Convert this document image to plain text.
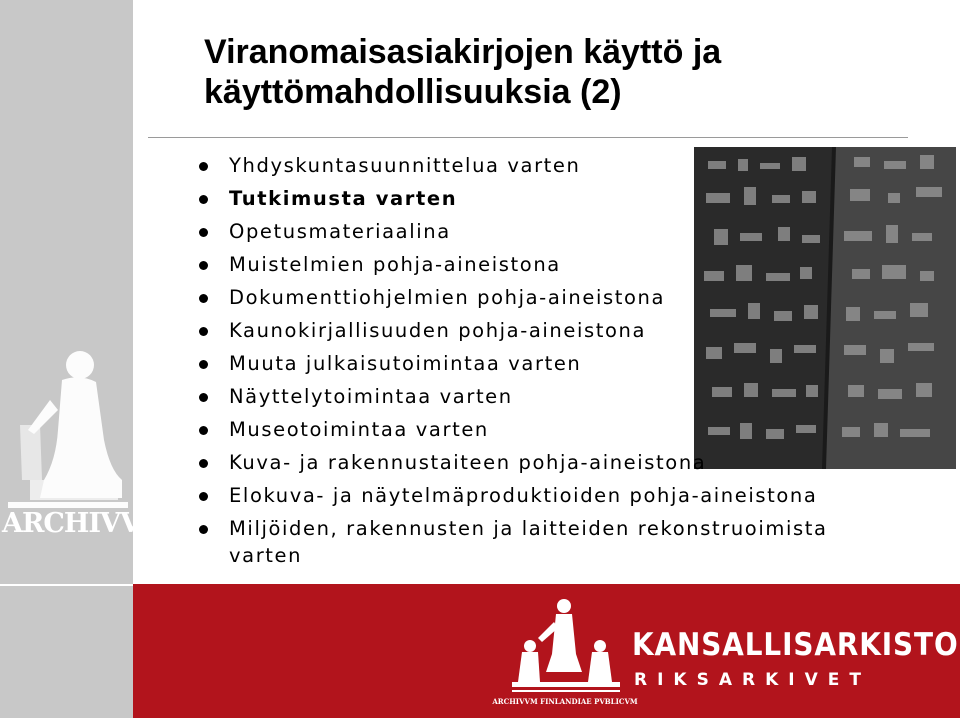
ARCHIVVM
Viranomaisasiakirjojen käyttö ja
käyttömahdollisuuksia (2)
Yhdyskuntasuunnittelua varten
Tutkimusta varten
Opetusmateriaalina
Muistelmien pohja-aineistona
Dokumenttiohjelmien pohja-aineistona
Kaunokirjallisuuden pohja-aineistona
Muuta julkaisutoimintaa varten
Näyttelytoimintaa varten
Museotoimintaa varten
Kuva- ja rakennustaiteen pohja-aineistona
Elokuva- ja näytelmäproduktioiden pohja-aineistona
Miljöiden, rakennusten ja laitteiden rekonstruoimista varten
ARCHIVVM FINLANDIAE PVBLICVM
KANSALLISARKISTO
RIKSARKIVET
